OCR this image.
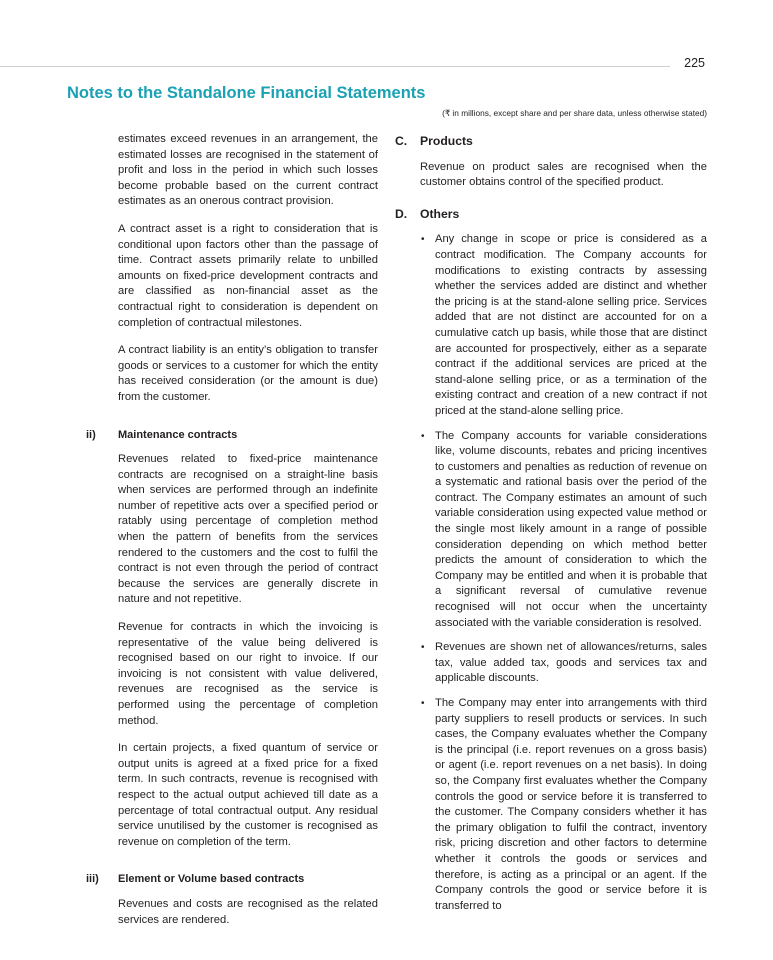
225
Notes to the Standalone Financial Statements
(₹ in millions, except share and per share data, unless otherwise stated)

estimates exceed revenues in an arrangement, the estimated losses are recognised in the statement of profit and loss in the period in which such losses become probable based on the current contract estimates as an onerous contract provision.

A contract asset is a right to consideration that is conditional upon factors other than the passage of time. Contract assets primarily relate to unbilled amounts on fixed-price development contracts and are classified as non-financial asset as the contractual right to consideration is dependent on completion of contractual milestones.

A contract liability is an entity’s obligation to transfer goods or services to a customer for which the entity has received consideration (or the amount is due) from the customer.

ii) Maintenance contracts

Revenues related to fixed-price maintenance contracts are recognised on a straight-line basis when services are performed through an indefinite number of repetitive acts over a specified period or ratably using percentage of completion method when the pattern of benefits from the services rendered to the customers and the cost to fulfil the contract is not even through the period of contract because the services are generally discrete in nature and not repetitive.

Revenue for contracts in which the invoicing is representative of the value being delivered is recognised based on our right to invoice. If our invoicing is not consistent with value delivered, revenues are recognised as the service is performed using the percentage of completion method.

In certain projects, a fixed quantum of service or output units is agreed at a fixed price for a fixed term. In such contracts, revenue is recognised with respect to the actual output achieved till date as a percentage of total contractual output. Any residual service unutilised by the customer is recognised as revenue on completion of the term.

iii) Element or Volume based contracts

Revenues and costs are recognised as the related services are rendered.

C. Products

Revenue on product sales are recognised when the customer obtains control of the specified product.

D. Others
• Any change in scope or price is considered as a contract modification. The Company accounts for modifications to existing contracts by assessing whether the services added are distinct and whether the pricing is at the stand-alone selling price. Services added that are not distinct are accounted for on a cumulative catch up basis, while those that are distinct are accounted for prospectively, either as a separate contract if the additional services are priced at the stand-alone selling price, or as a termination of the existing contract and creation of a new contract if not priced at the stand-alone selling price.
• The Company accounts for variable considerations like, volume discounts, rebates and pricing incentives to customers and penalties as reduction of revenue on a systematic and rational basis over the period of the contract. The Company estimates an amount of such variable consideration using expected value method or the single most likely amount in a range of possible consideration depending on which method better predicts the amount of consideration to which the Company may be entitled and when it is probable that a significant reversal of cumulative revenue recognised will not occur when the uncertainty associated with the variable consideration is resolved.
• Revenues are shown net of allowances/returns, sales tax, value added tax, goods and services tax and applicable discounts.
• The Company may enter into arrangements with third party suppliers to resell products or services. In such cases, the Company evaluates whether the Company is the principal (i.e. report revenues on a gross basis) or agent (i.e. report revenues on a net basis). In doing so, the Company first evaluates whether the Company controls the good or service before it is transferred to the customer. The Company considers whether it has the primary obligation to fulfil the contract, inventory risk, pricing discretion and other factors to determine whether it controls the goods or services and therefore, is acting as a principal or an agent. If the Company controls the good or service before it is transferred to
